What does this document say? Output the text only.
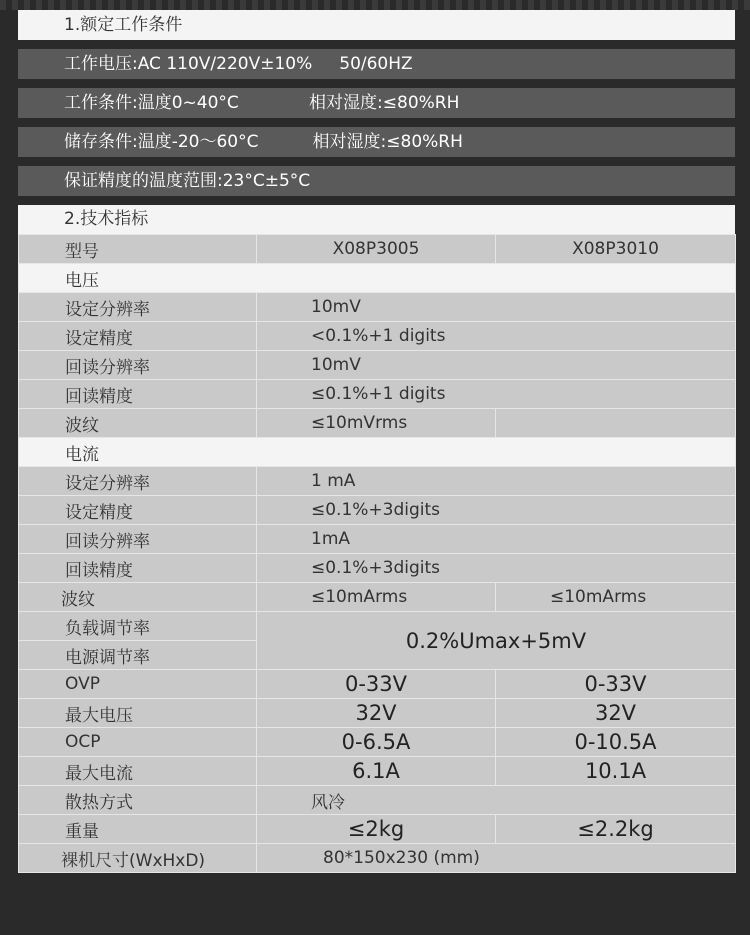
1.额定工作条件
工作电压:AC 110V/220V±10%     50/60HZ
工作条件:温度0~40°C             相对湿度:≤80%RH
储存条件:温度-20～60°C          相对湿度:≤80%RH
保证精度的温度范围:23°C±5°C
2.技术指标
型号	X08P3005	X08P3010
电压		
设定分辨率	10mV	
设定精度	<0.1%+1 digits	
回读分辨率	10mV	
回读精度	≤0.1%+1 digits	
波纹	≤10mVrms	
电流		
设定分辨率	1 mA	
设定精度	≤0.1%+3digits	
回读分辨率	1mA	
回读精度	≤0.1%+3digits	
波纹	≤10mArms	≤10mArms
负载调节率	0.2%Umax+5mV	
电源调节率		
OVP	0-33V	0-33V
最大电压	32V	32V
OCP	0-6.5A	0-10.5A
最大电流	6.1A	10.1A
散热方式	风冷	
重量	≤2kg	≤2.2kg
裸机尺寸(WxHxD)	80*150x230 (mm)	
